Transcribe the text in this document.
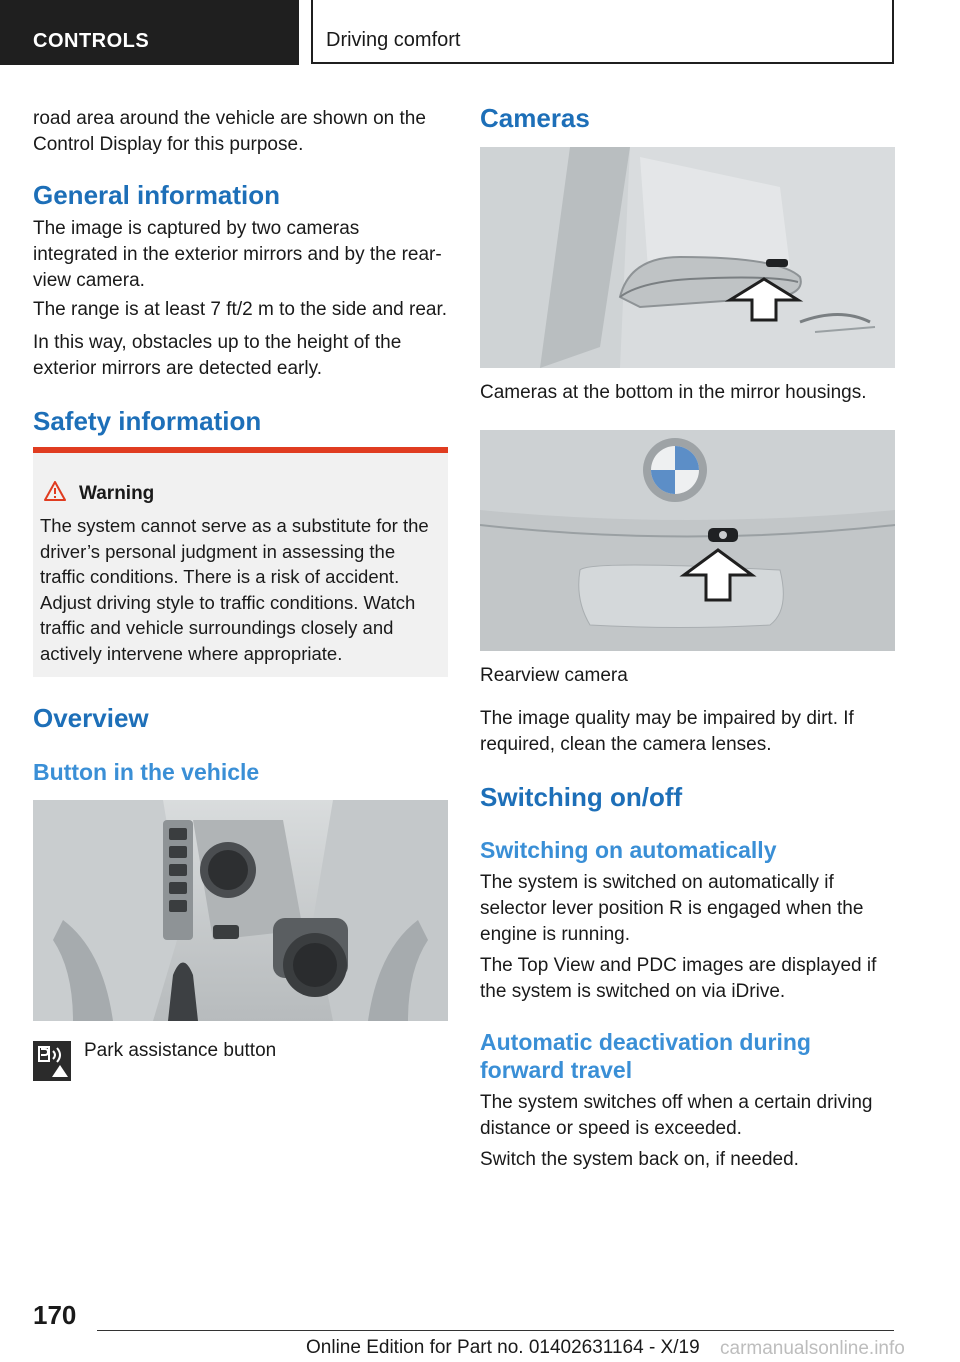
CONTROLS	Driving comfort

road area around the vehicle are shown on the Control Display for this purpose.

General information

The image is captured by two cameras integrated in the exterior mirrors and by the rear-view camera.

The range is at least 7 ft/2 m to the side and rear.

In this way, obstacles up to the height of the exterior mirrors are detected early.

Safety information
Warning

The system cannot serve as a substitute for the driver’s personal judgment in assessing the traffic conditions. There is a risk of accident. Adjust driving style to traffic conditions. Watch traffic and vehicle surroundings closely and actively intervene where appropriate.

Overview
Button in the vehicle

Park assistance button

Cameras

Cameras at the bottom in the mirror housings.

Rearview camera

The image quality may be impaired by dirt. If required, clean the camera lenses.

Switching on/off
Switching on automatically

The system is switched on automatically if selector lever position R is engaged when the engine is running.

The Top View and PDC images are displayed if the system is switched on via iDrive.

Automatic deactivation during forward travel

The system switches off when a certain driving distance or speed is exceeded.

Switch the system back on, if needed.

170
Online Edition for Part no. 01402631164 - X/19 carmanualsonline.info
